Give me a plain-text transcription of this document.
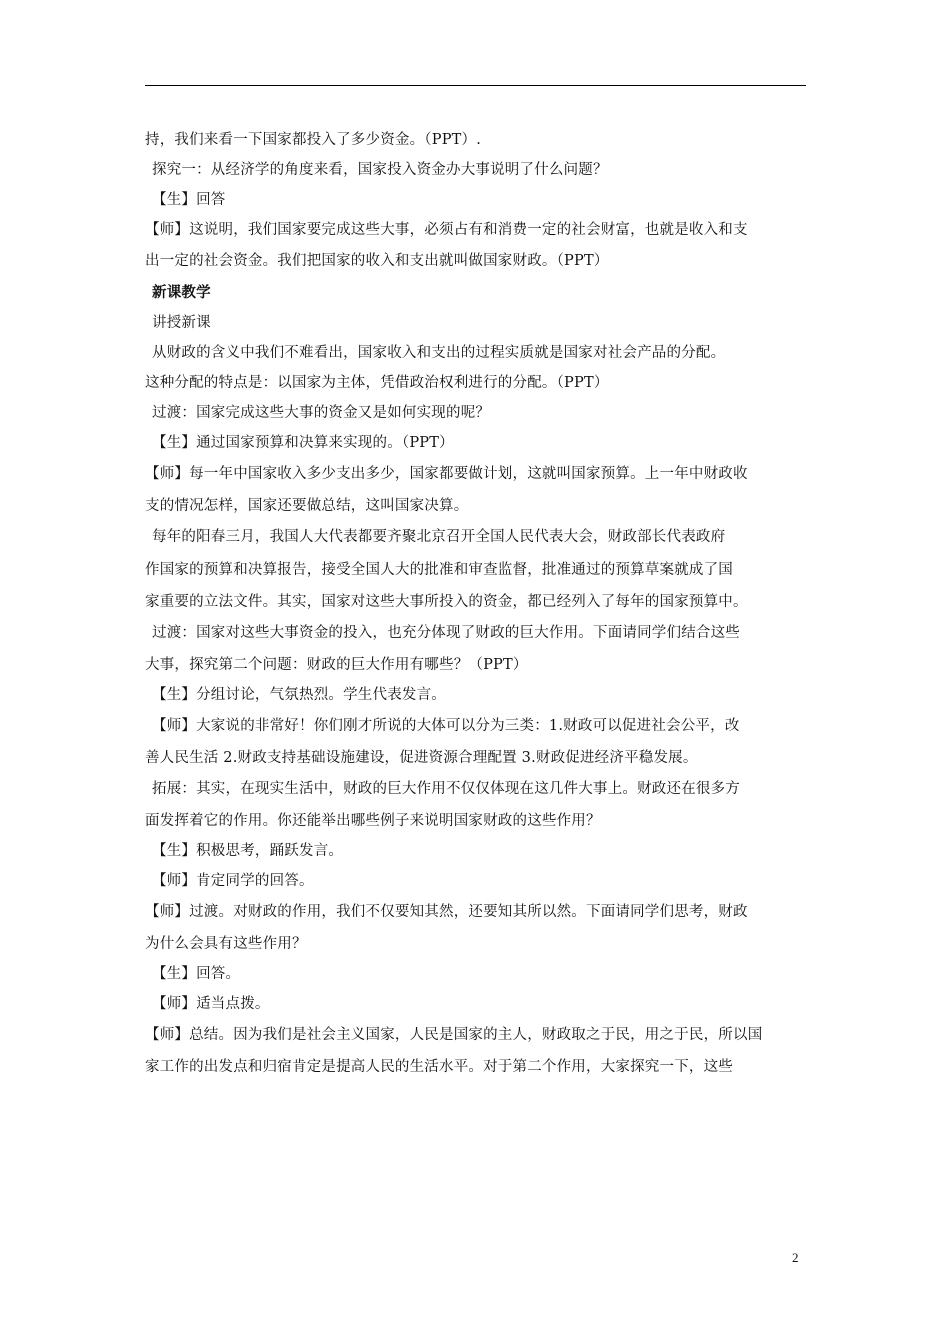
持，我们来看一下国家都投入了多少资金。（PPT）.
探究一：从经济学的角度来看，国家投入资金办大事说明了什么问题？
【生】回答
【师】这说明，我们国家要完成这些大事，必须占有和消费一定的社会财富，也就是收入和支
出一定的社会资金。我们把国家的收入和支出就叫做国家财政。（PPT）
新课教学
讲授新课
从财政的含义中我们不难看出，国家收入和支出的过程实质就是国家对社会产品的分配。
这种分配的特点是：以国家为主体，凭借政治权利进行的分配。（PPT）
过渡：国家完成这些大事的资金又是如何实现的呢？
【生】通过国家预算和决算来实现的。（PPT）
【师】每一年中国家收入多少支出多少，国家都要做计划，这就叫国家预算。上一年中财政收
支的情况怎样，国家还要做总结，这叫国家决算。
每年的阳春三月，我国人大代表都要齐聚北京召开全国人民代表大会，财政部长代表政府
作国家的预算和决算报告，接受全国人大的批准和审查监督，批准通过的预算草案就成了国
家重要的立法文件。其实，国家对这些大事所投入的资金，都已经列入了每年的国家预算中。
过渡：国家对这些大事资金的投入，也充分体现了财政的巨大作用。下面请同学们结合这些
大事，探究第二个问题：财政的巨大作用有哪些？（PPT）
【生】分组讨论，气氛热烈。学生代表发言。
【师】大家说的非常好！你们刚才所说的大体可以分为三类：1.财政可以促进社会公平，改
善人民生活 2.财政支持基础设施建设，促进资源合理配置 3.财政促进经济平稳发展。
拓展：其实，在现实生活中，财政的巨大作用不仅仅体现在这几件大事上。财政还在很多方
面发挥着它的作用。你还能举出哪些例子来说明国家财政的这些作用？
【生】积极思考，踊跃发言。
【师】肯定同学的回答。
【师】过渡。对财政的作用，我们不仅要知其然，还要知其所以然。下面请同学们思考，财政
为什么会具有这些作用？
【生】回答。
【师】适当点拨。
【师】总结。因为我们是社会主义国家，人民是国家的主人，财政取之于民，用之于民，所以国
家工作的出发点和归宿肯定是提高人民的生活水平。对于第二个作用，大家探究一下，这些
2
